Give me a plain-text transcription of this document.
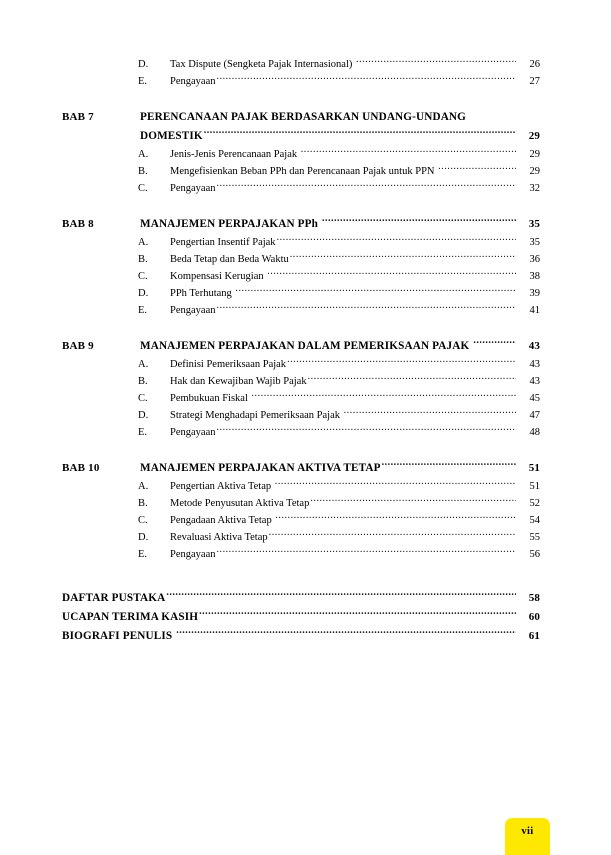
D.	Tax Dispute (Sengketa Pajak Internasional) .....	26
E.	Pengayaan .....	27
BAB 7	PERENCANAAN PAJAK BERDASARKAN UNDANG-UNDANG
DOMESTIK .....	29
A.	Jenis-Jenis Perencanaan Pajak .....	29
B.	Mengefisienkan Beban PPh dan Perencanaan Pajak untuk PPN .....	29
C.	Pengayaan .....	32
BAB 8	MANAJEMEN PERPAJAKAN PPh .....	35
A.	Pengertian Insentif Pajak .....	35
B.	Beda Tetap dan Beda Waktu .....	36
C.	Kompensasi Kerugian .....	38
D.	PPh Terhutang .....	39
E.	Pengayaan .....	41
BAB 9	MANAJEMEN PERPAJAKAN DALAM PEMERIKSAAN PAJAK .....	43
A.	Definisi Pemeriksaan Pajak .....	43
B.	Hak dan Kewajiban Wajib Pajak .....	43
C.	Pembukuan Fiskal .....	45
D.	Strategi Menghadapi Pemeriksaan Pajak .....	47
E.	Pengayaan .....	48
BAB 10	MANAJEMEN PERPAJAKAN AKTIVA TETAP .....	51
A.	Pengertian Aktiva Tetap .....	51
B.	Metode Penyusutan Aktiva Tetap .....	52
C.	Pengadaan Aktiva Tetap .....	54
D.	Revaluasi Aktiva Tetap .....	55
E.	Pengayaan .....	56
DAFTAR PUSTAKA .....	58
UCAPAN TERIMA KASIH .....	60
BIOGRAFI PENULIS .....	61
vii
